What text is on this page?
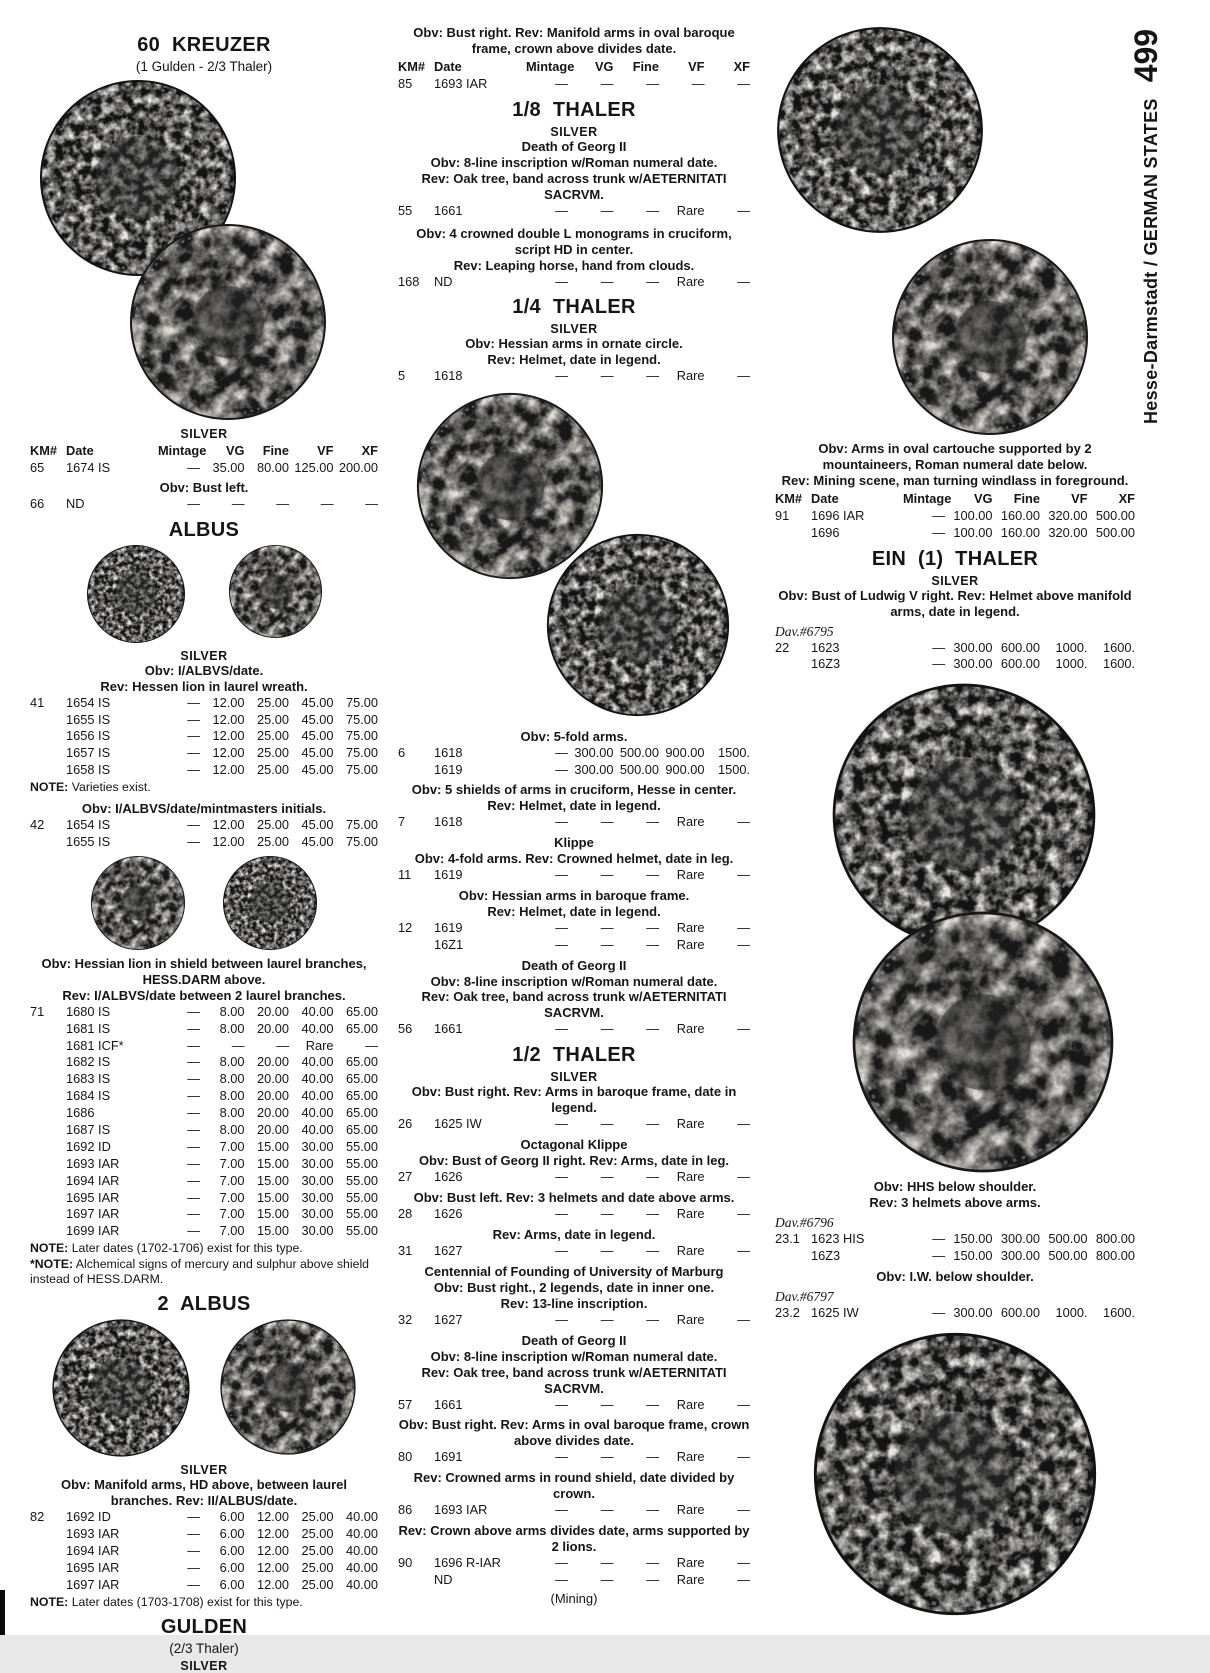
60 KREUZER
(1 Gulden - 2/3 Thaler)
SILVER
KM# Date	Mintage	VG	Fine	VF	XF
65	1674 IS	— 35.00 80.00 125.00 200.00
Obv: Bust left.
66	ND	—	—	—	—	—
ALBUS
SILVER
Obv: I/ALBVS/date.
Rev: Hessen lion in laurel wreath.
41	1654 IS	— 12.00 25.00 45.00 75.00
1655 IS	— 12.00 25.00 45.00 75.00
1656 IS	— 12.00 25.00 45.00 75.00
1657 IS	— 12.00 25.00 45.00 75.00
1658 IS	— 12.00 25.00 45.00 75.00
NOTE: Varieties exist.
Obv: I/ALBVS/date/mintmasters initials.
42	1654 IS	— 12.00 25.00 45.00 75.00
1655 IS	— 12.00 25.00 45.00 75.00
Obv: Hessian lion in shield between laurel branches, HESS.DARM above.
Rev: I/ALBVS/date between 2 laurel branches.
71	1680 IS	—	8.00 20.00 40.00 65.00
1681 IS	—	8.00 20.00 40.00 65.00
1681 ICF*	—	—	—	Rare	—
1682 IS	—	8.00 20.00 40.00 65.00
1683 IS	—	8.00 20.00 40.00 65.00
1684 IS	—	8.00 20.00 40.00 65.00
1686	—	8.00 20.00 40.00 65.00
1687 IS	—	8.00 20.00 40.00 65.00
1692 ID	—	7.00 15.00 30.00 55.00
1693 IAR	—	7.00 15.00 30.00 55.00
1694 IAR	—	7.00 15.00 30.00 55.00
1695 IAR	—	7.00 15.00 30.00 55.00
1697 IAR	—	7.00 15.00 30.00 55.00
1699 IAR	—	7.00 15.00 30.00 55.00
NOTE: Later dates (1702-1706) exist for this type.
*NOTE: Alchemical signs of mercury and sulphur above shield instead of HESS.DARM.
2 ALBUS
SILVER
Obv: Manifold arms, HD above, between laurel branches. Rev: II/ALBUS/date.
82	1692 ID	—	6.00 12.00 25.00 40.00
1693 IAR	—	6.00 12.00 25.00 40.00
1694 IAR	—	6.00 12.00 25.00 40.00
1695 IAR	—	6.00 12.00 25.00 40.00
1697 IAR	—	6.00 12.00 25.00 40.00
NOTE: Later dates (1703-1708) exist for this type.
GULDEN
(2/3 Thaler)
SILVER
Obv: Bust right. Rev: Manifold arms in oval baroque frame, crown above divides date.
KM# Date	Mintage	VG	Fine	VF	XF
85	1693 IAR	—	—	—	—	—
1/8 THALER
SILVER
Death of Georg II
Obv: 8-line inscription w/Roman numeral date.
Rev: Oak tree, band across trunk w/AETERNITATI SACRVM.
55	1661	—	—	—	Rare	—
Obv: 4 crowned double L monograms in cruciform, script HD in center.
Rev: Leaping horse, hand from clouds.
168	ND	—	—	—	Rare	—
1/4 THALER
SILVER
Obv: Hessian arms in ornate circle.
Rev: Helmet, date in legend.
5	1618	—	—	—	Rare	—
Obv: 5-fold arms.
6	1618	— 300.00 500.00 900.00	1500.
1619	— 300.00 500.00 900.00	1500.
Obv: 5 shields of arms in cruciform, Hesse in center. Rev: Helmet, date in legend.
7	1618	—	—	—	Rare	—
Klippe
Obv: 4-fold arms. Rev: Crowned helmet, date in leg.
11	1619	—	—	—	Rare	—
Obv: Hessian arms in baroque frame.
Rev: Helmet, date in legend.
12	1619	—	—	—	Rare	—
16Z1	—	—	—	Rare	—
Death of Georg II
Obv: 8-line inscription w/Roman numeral date.
Rev: Oak tree, band across trunk w/AETERNITATI SACRVM.
56	1661	—	—	—	Rare	—
1/2 THALER
SILVER
Obv: Bust right. Rev: Arms in baroque frame, date in legend.
26	1625 IW	—	—	—	Rare	—
Octagonal Klippe
Obv: Bust of Georg II right. Rev: Arms, date in leg.
27	1626	—	—	—	Rare	—
Obv: Bust left. Rev: 3 helmets and date above arms.
28	1626	—	—	—	Rare	—
Rev: Arms, date in legend.
31	1627	—	—	—	Rare	—
Centennial of Founding of University of Marburg
Obv: Bust right., 2 legends, date in inner one.
Rev: 13-line inscription.
32	1627	—	—	—	Rare	—
Death of Georg II
Obv: 8-line inscription w/Roman numeral date.
Rev: Oak tree, band across trunk w/AETERNITATI SACRVM.
57	1661	—	—	—	Rare	—
Obv: Bust right. Rev: Arms in oval baroque frame, crown above divides date.
80	1691	—	—	—	Rare	—
Rev: Crowned arms in round shield, date divided by crown.
86	1693 IAR	—	—	—	Rare	—
Rev: Crown above arms divides date, arms supported by 2 lions.
90	1696 R-IAR	—	—	—	Rare	—
ND	—	—	—	Rare	—
(Mining)
Obv: Arms in oval cartouche supported by 2 mountaineers, Roman numeral date below.
Rev: Mining scene, man turning windlass in foreground.
KM# Date	Mintage	VG	Fine	VF	XF
91	1696 IAR	— 100.00 160.00 320.00 500.00
1696	— 100.00 160.00 320.00 500.00
EIN (1) THALER
SILVER
Obv: Bust of Ludwig V right. Rev: Helmet above manifold arms, date in legend.
Dav.#6795
22	1623	— 300.00 600.00	1000.	1600.
16Z3	— 300.00 600.00	1000.	1600.
Obv: HHS below shoulder.
Rev: 3 helmets above arms.
Dav.#6796
23.1 1623 HIS	— 150.00 300.00 500.00 800.00
16Z3	— 150.00 300.00 500.00 800.00
Obv: I.W. below shoulder.
Dav.#6797
23.2 1625 IW	— 300.00 600.00	1000.	1600.
Hesse-Darmstadt / GERMAN STATES
499
